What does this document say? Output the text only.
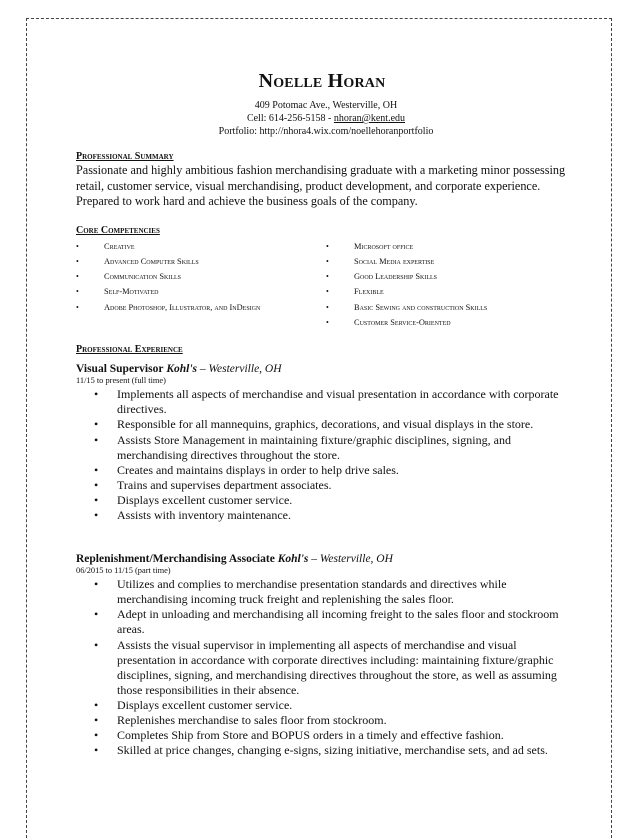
Noelle Horan
409 Potomac Ave., Westerville, OH
Cell: 614-256-5158 - nhoran@kent.edu
Portfolio: http://nhora4.wix.com/noellehoranportfolio
Professional Summary
Passionate and highly ambitious fashion merchandising graduate with a marketing minor possessing retail, customer service, visual merchandising, product development, and corporate experience. Prepared to work hard and achieve the business goals of the company.
Core Competencies
• Creative
• Advanced Computer Skills
• Communication Skills
• Self-Motivated
• Adobe Photoshop, Illustrator, and InDesign
• Microsoft office
• Social Media expertise
• Good Leadership Skills
• Flexible
• Basic Sewing and construction Skills
• Customer Service-Oriented
Professional Experience
Visual Supervisor Kohl's – Westerville, OH
11/15 to present (full time)
• Implements all aspects of merchandise and visual presentation in accordance with corporate directives.
• Responsible for all mannequins, graphics, decorations, and visual displays in the store.
• Assists Store Management in maintaining fixture/graphic disciplines, signing, and merchandising directives throughout the store.
• Creates and maintains displays in order to help drive sales.
• Trains and supervises department associates.
• Displays excellent customer service.
• Assists with inventory maintenance.
Replenishment/Merchandising Associate Kohl's – Westerville, OH
06/2015 to 11/15 (part time)
• Utilizes and complies to merchandise presentation standards and directives while merchandising incoming truck freight and replenishing the sales floor.
• Adept in unloading and merchandising all incoming freight to the sales floor and stockroom areas.
• Assists the visual supervisor in implementing all aspects of merchandise and visual presentation in accordance with corporate directives including: maintaining fixture/graphic disciplines, signing, and merchandising directives throughout the store, as well as assuming those responsibilities in their absence.
• Displays excellent customer service.
• Replenishes merchandise to sales floor from stockroom.
• Completes Ship from Store and BOPUS orders in a timely and effective fashion.
• Skilled at price changes, changing e-signs, sizing initiative, merchandise sets, and ad sets.
